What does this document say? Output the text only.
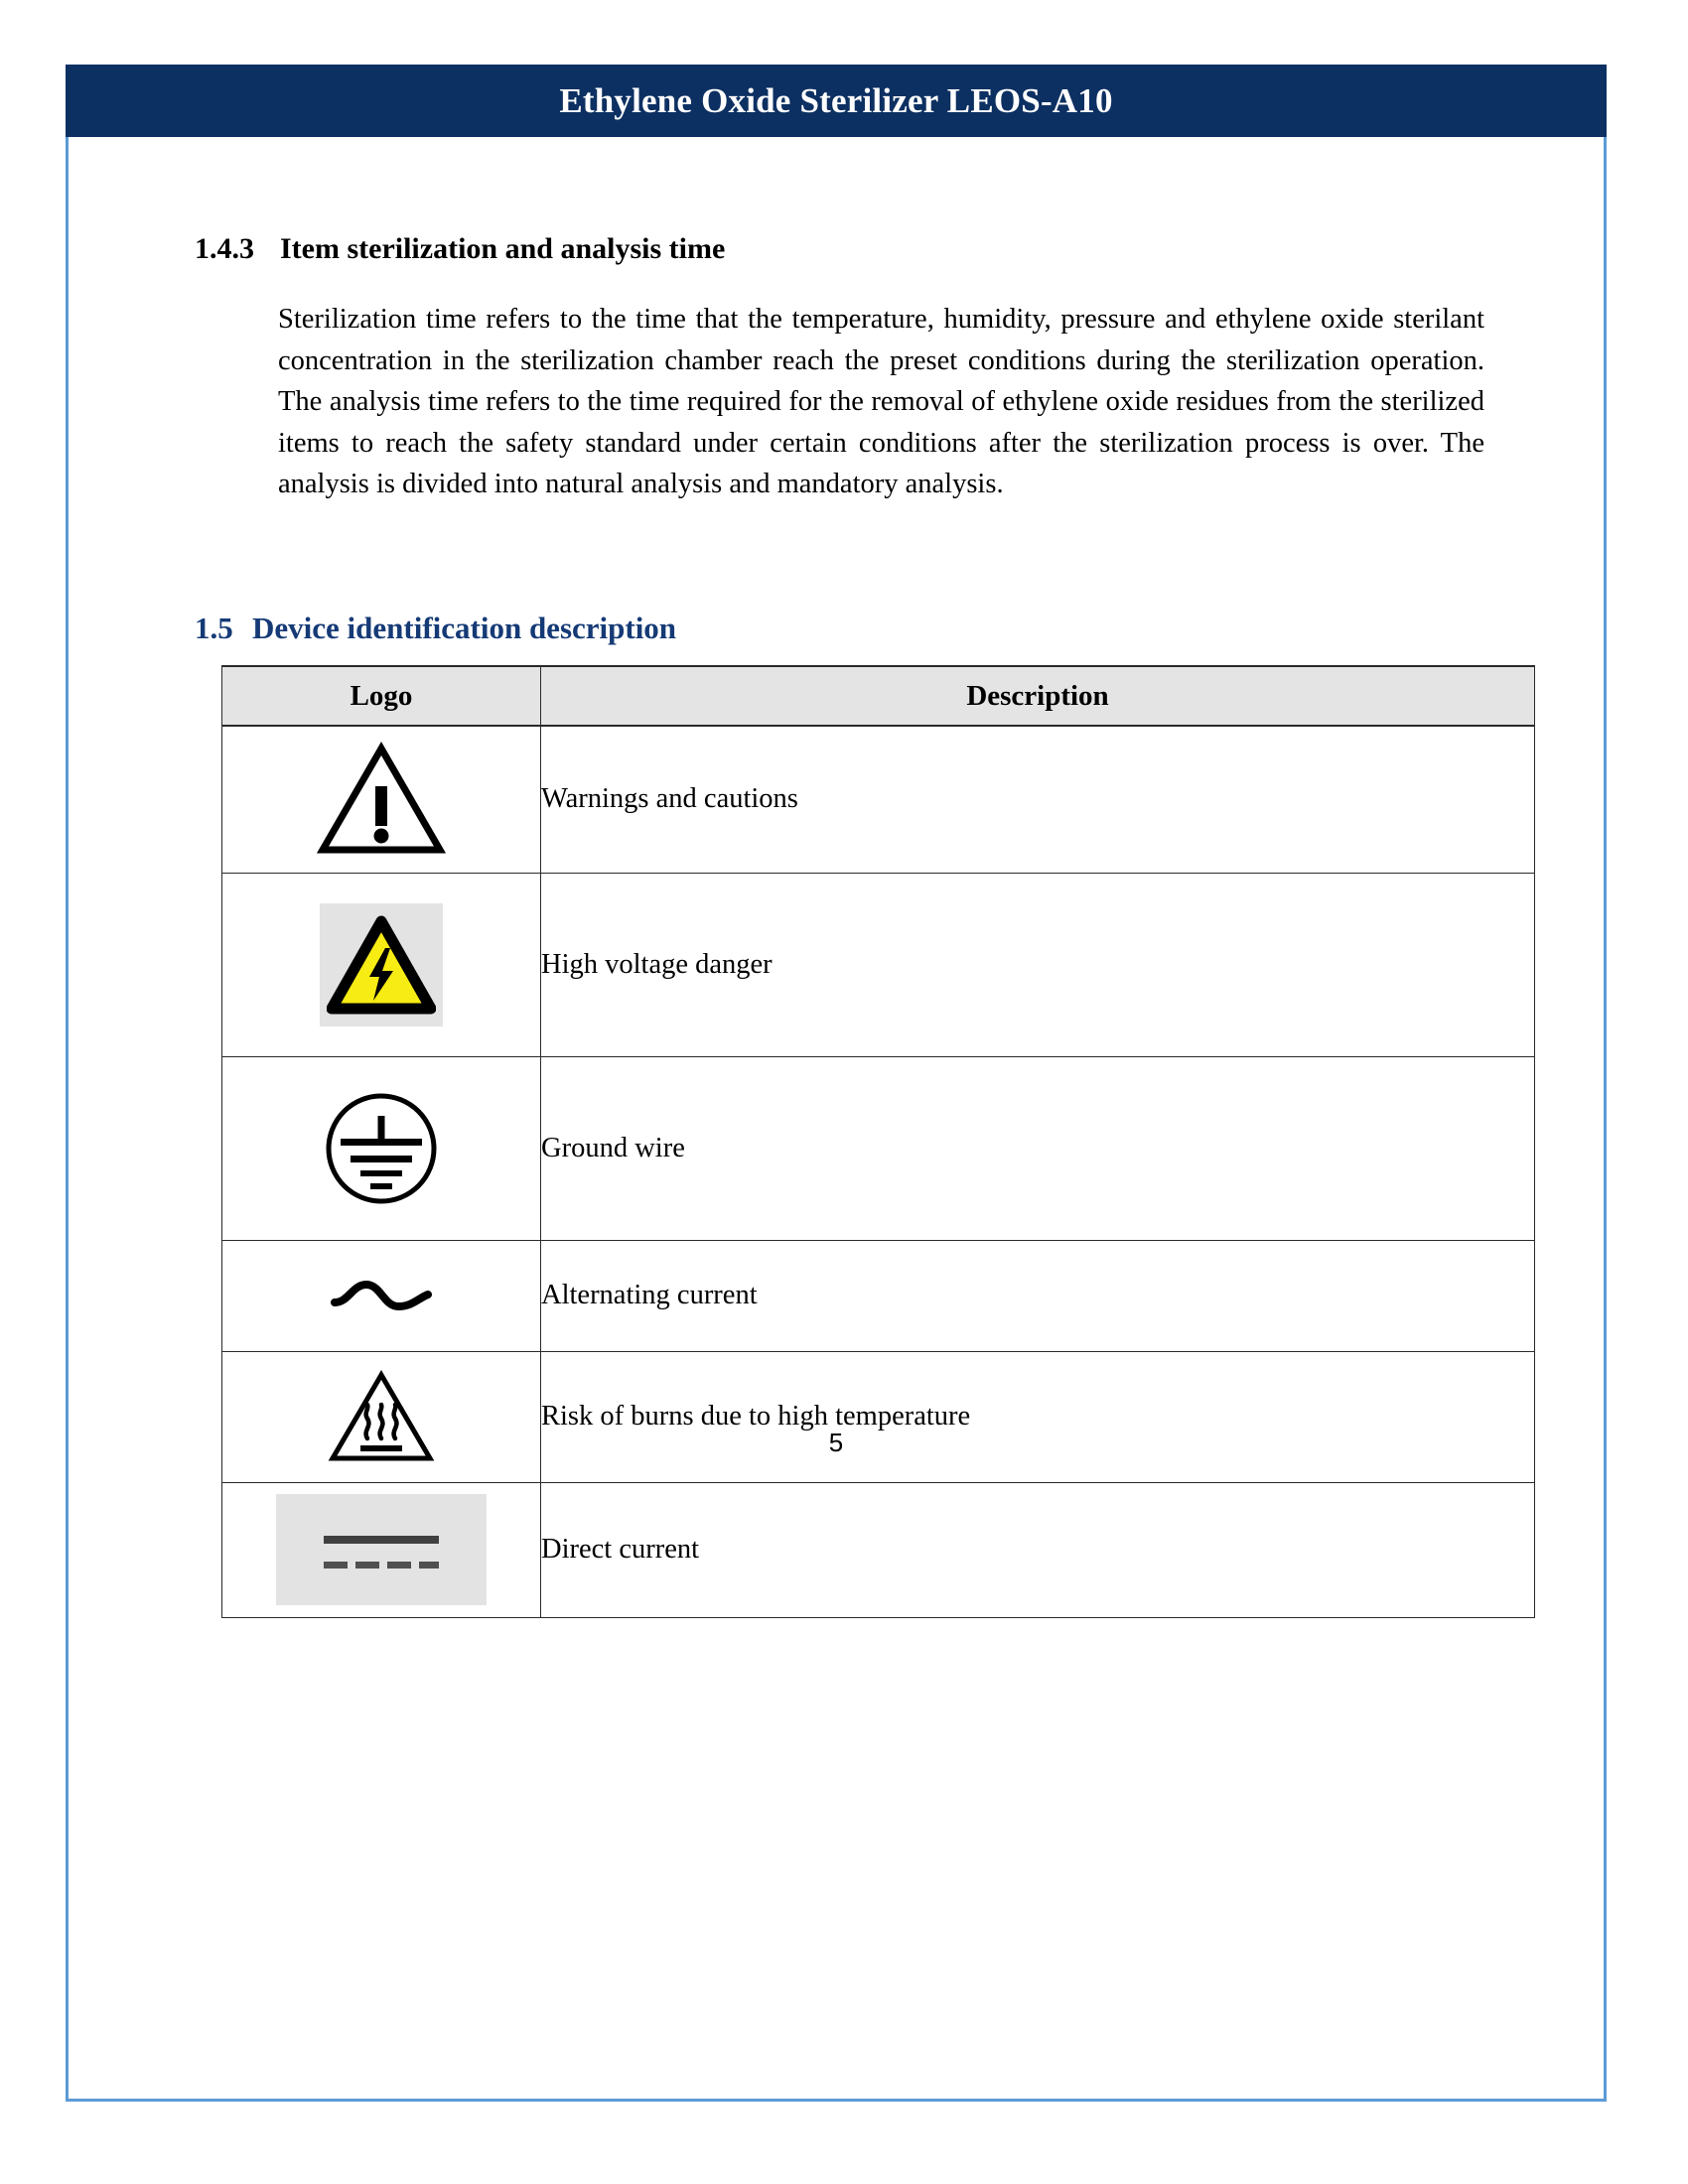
Ethylene Oxide Sterilizer LEOS-A10
1.4.3 Item sterilization and analysis time
Sterilization time refers to the time that the temperature, humidity, pressure and ethylene oxide sterilant concentration in the sterilization chamber reach the preset conditions during the sterilization operation. The analysis time refers to the time required for the removal of ethylene oxide residues from the sterilized items to reach the safety standard under certain conditions after the sterilization process is over. The analysis is divided into natural analysis and mandatory analysis.
1.5 Device identification description
Logo	Description

	Warnings and cautions

	High voltage danger

	Ground wire

	Alternating current

	Risk of burns due to high temperature

	Direct current
5
